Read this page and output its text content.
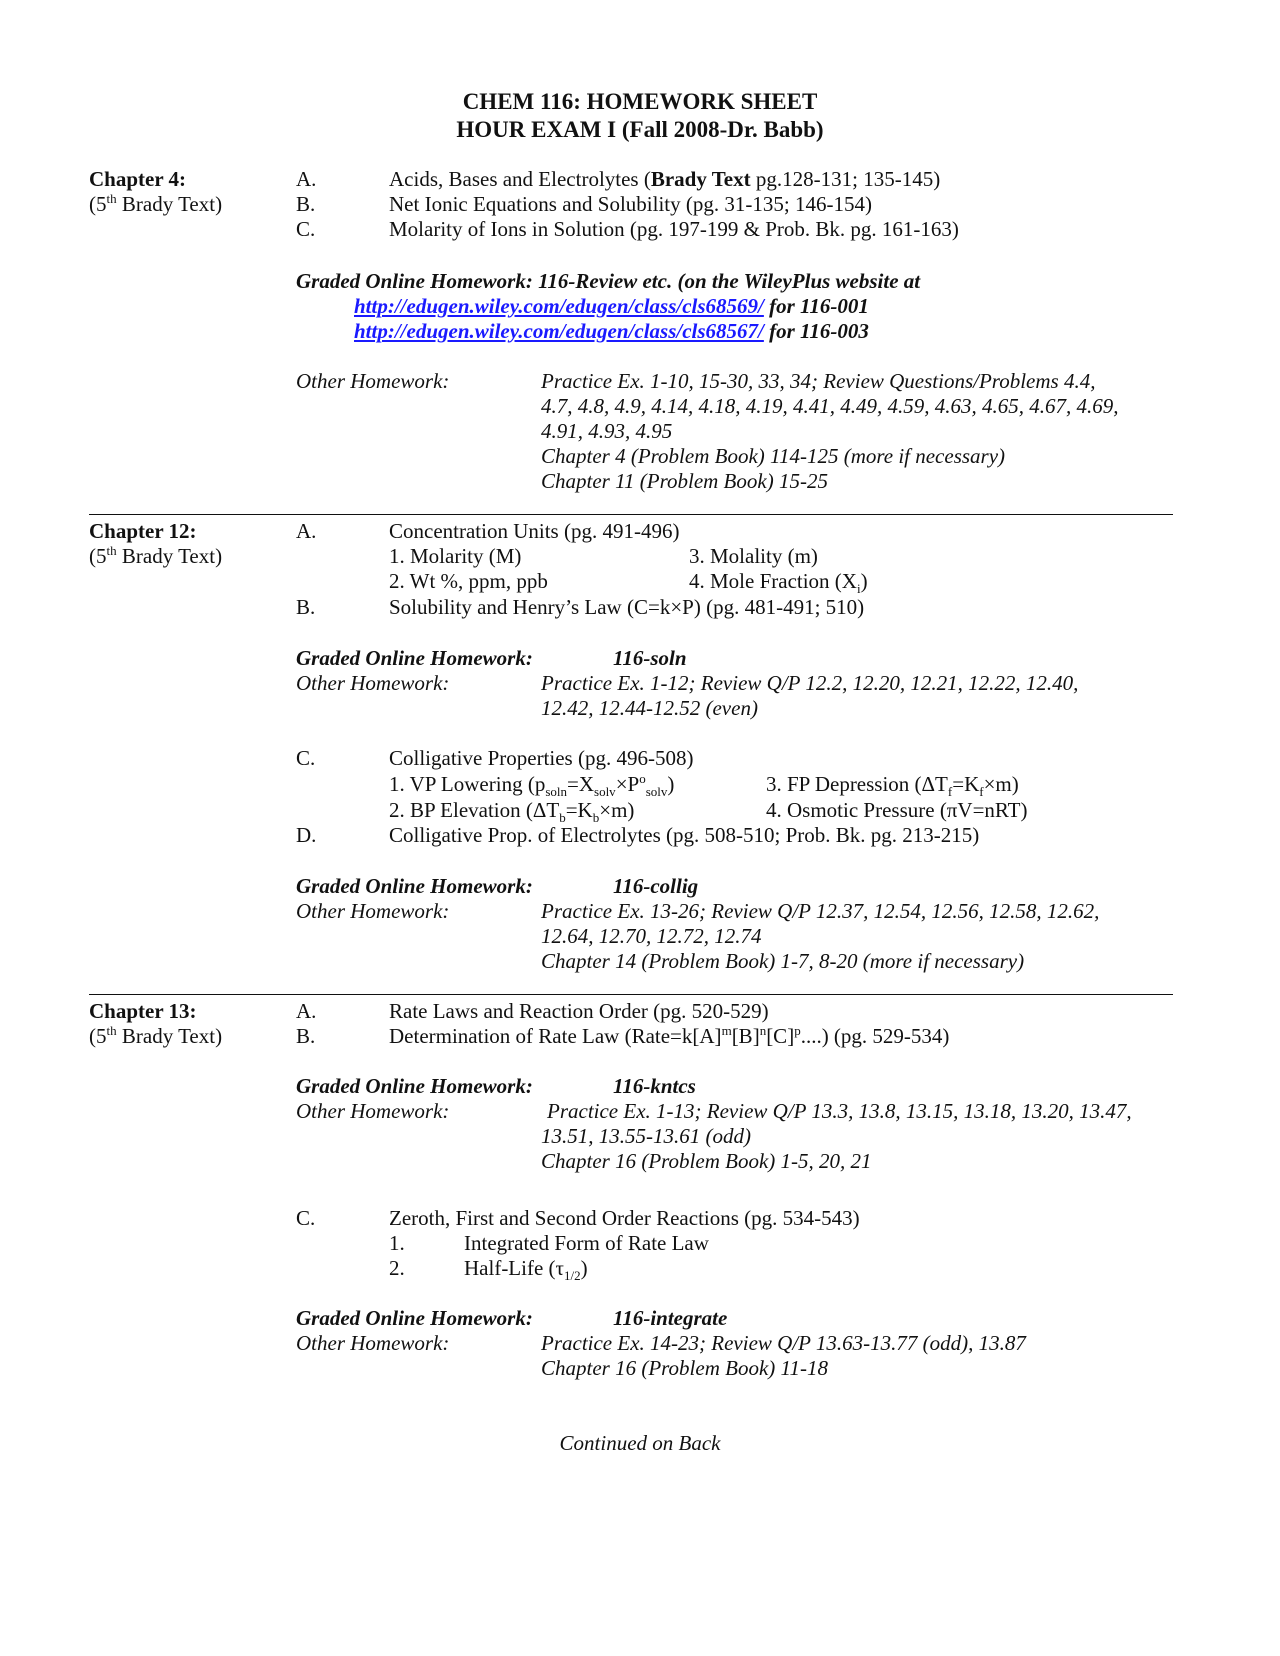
CHEM 116: HOMEWORK SHEET
HOUR EXAM I (Fall 2008-Dr. Babb)
Chapter 4:
(5th Brady Text)
A.	Acids, Bases and Electrolytes (Brady Text pg.128-131; 135-145)
B.	Net Ionic Equations and Solubility (pg. 31-135; 146-154)
C.	Molarity of Ions in Solution (pg. 197-199 & Prob. Bk. pg. 161-163)
Graded Online Homework: 116-Review etc. (on the WileyPlus website at
http://edugen.wiley.com/edugen/class/cls68569/ for 116-001
http://edugen.wiley.com/edugen/class/cls68567/ for 116-003
Other Homework:	Practice Ex. 1-10, 15-30, 33, 34; Review Questions/Problems 4.4,
4.7, 4.8, 4.9, 4.14, 4.18, 4.19, 4.41, 4.49, 4.59, 4.63, 4.65, 4.67, 4.69,
4.91, 4.93, 4.95
Chapter 4 (Problem Book) 114-125 (more if necessary)
Chapter 11 (Problem Book) 15-25
Chapter 12:
(5th Brady Text)
A.	Concentration Units (pg. 491-496)
1. Molarity (M)	3. Molality (m)
2. Wt %, ppm, ppb	4. Mole Fraction $(X_i)$
B.	Solubility and Henry’s Law (C=k×P) (pg. 481-491; 510)
Graded Online Homework:	116-soln
Other Homework:	Practice Ex. 1-12; Review Q/P 12.2, 12.20, 12.21, 12.22, 12.40,
12.42, 12.44-12.52 (even)
C.	Colligative Properties (pg. 496-508)
1. VP Lowering $(p_{soln}=X_{solv}\times P^o_{solv})$	3. FP Depression $(\Delta T_f=K_f\times m)$
2. BP Elevation $(\Delta T_b=K_b\times m)$	4. Osmotic Pressure (πV=nRT)
D.	Colligative Prop. of Electrolytes (pg. 508-510; Prob. Bk. pg. 213-215)
Graded Online Homework:	116-collig
Other Homework:	Practice Ex. 13-26; Review Q/P 12.37, 12.54, 12.56, 12.58, 12.62,
12.64, 12.70, 12.72, 12.74
Chapter 14 (Problem Book) 1-7, 8-20 (more if necessary)
Chapter 13:
(5th Brady Text)
A.	Rate Laws and Reaction Order (pg. 520-529)
B.	Determination of Rate Law $(Rate=k[A]^m[B]^n[C]^p....)$ (pg. 529-534)
Graded Online Homework:	116-kntcs
Other Homework:	Practice Ex. 1-13; Review Q/P 13.3, 13.8, 13.15, 13.18, 13.20, 13.47,
13.51, 13.55-13.61 (odd)
Chapter 16 (Problem Book) 1-5, 20, 21
C.	Zeroth, First and Second Order Reactions (pg. 534-543)
1.	Integrated Form of Rate Law
2.	Half-Life $(\tau_{1/2})$
Graded Online Homework:	116-integrate
Other Homework:	Practice Ex. 14-23; Review Q/P 13.63-13.77 (odd), 13.87
Chapter 16 (Problem Book) 11-18
Continued on Back
